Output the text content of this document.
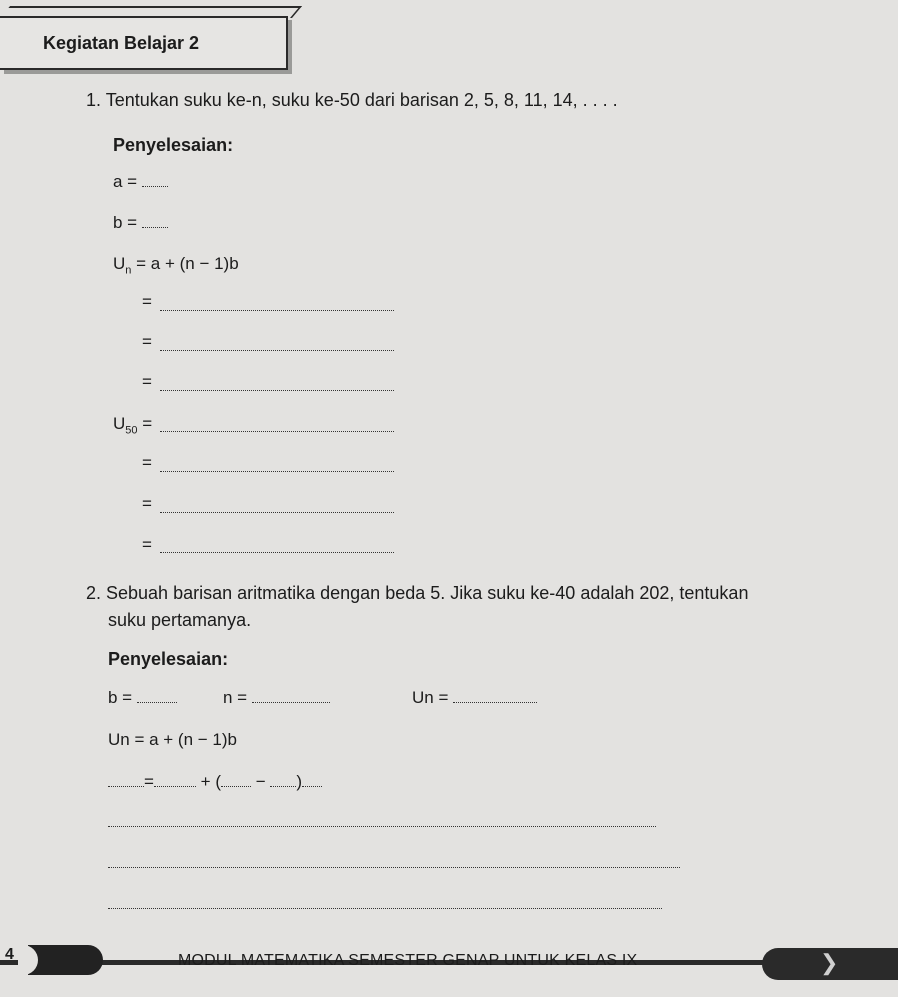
Kegiatan Belajar 2
1. Tentukan suku ke-n, suku ke-50 dari barisan 2, 5, 8, 11, 14, . . . .
Penyelesaian:
a =
b =
$U_n = a + (n - 1)b$
=
=
=
$U_{50}$ =
=
=
=
2. Sebuah barisan aritmatika dengan beda 5. Jika suku ke-40 adalah 202, tentukan
suku pertamanya.
Penyelesaian:
b =	n =	Un =
Un = a + (n − 1)b
=	+ ( − )
4	MODUL MATEMATIKA SEMESTER GENAP UNTUK KELAS IX	❯
